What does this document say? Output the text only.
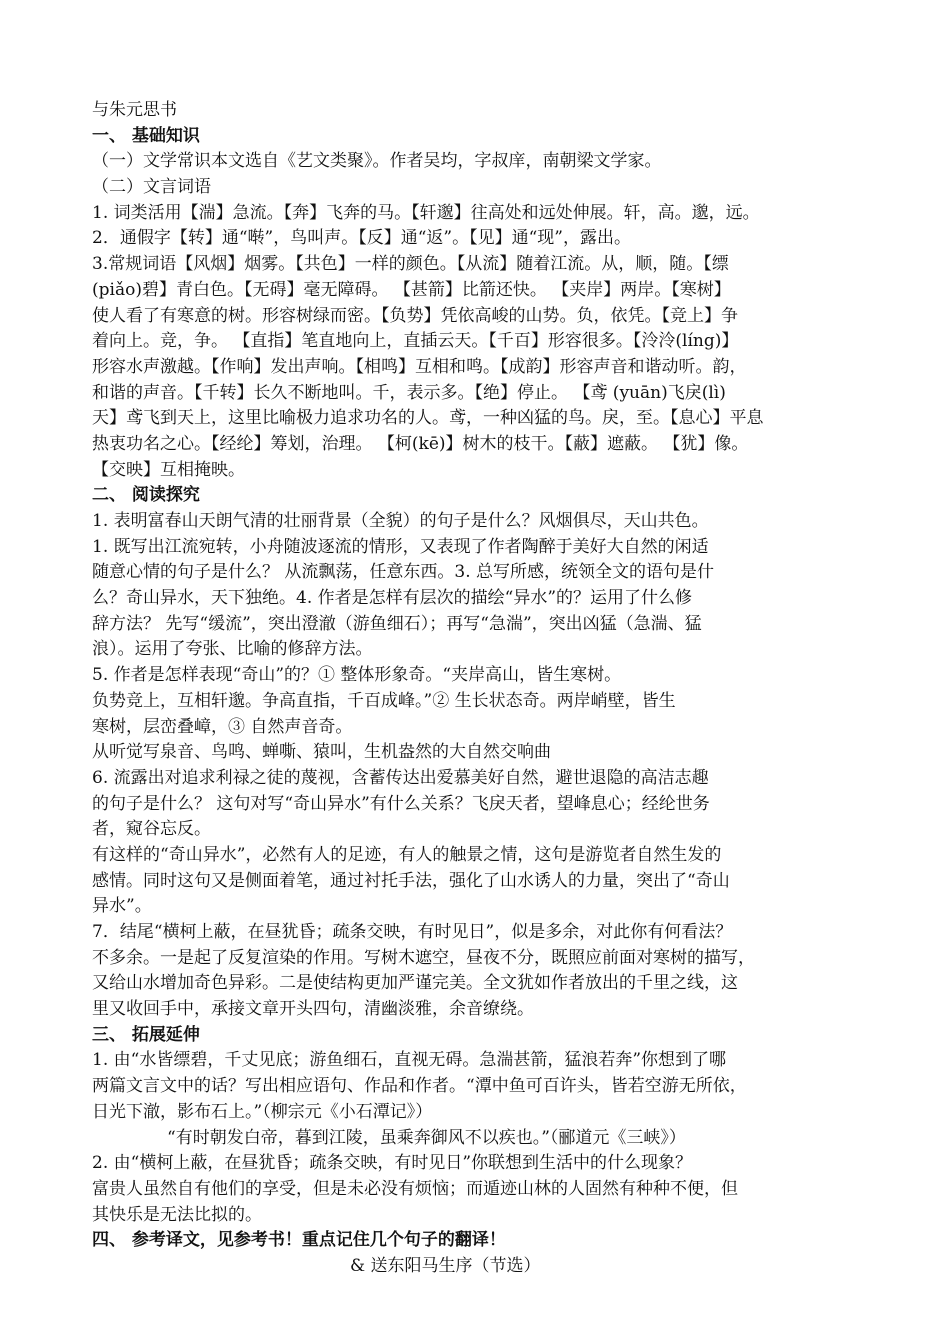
与朱元思书
一、 基础知识
（一）文学常识本文选自《艺文类聚》。作者吴均，字叔庠，南朝梁文学家。
（二）文言词语
1. 词类活用【湍】急流。【奔】飞奔的马。【轩邈】往高处和远处伸展。轩，高。邈，远。
2．通假字【转】通“啭”，鸟叫声。【反】通“返”。【见】通“现”，露出。
3.常规词语【风烟】烟雾。【共色】一样的颜色。【从流】随着江流。从，顺，随。【缥
(piǎo)碧】青白色。【无碍】毫无障碍。 【甚箭】比箭还快。 【夹岸】两岸。【寒树】
使人看了有寒意的树。形容树绿而密。【负势】凭依高峻的山势。负，依凭。【竞上】争
着向上。竞，争。 【直指】笔直地向上，直插云天。【千百】形容很多。【泠泠(líng)】
形容水声激越。【作响】发出声响。【相鸣】互相和鸣。【成韵】形容声音和谐动听。韵，
和谐的声音。【千转】长久不断地叫。千，表示多。【绝】停止。 【鸢 (yuān)飞戾(lì)
天】鸢飞到天上，这里比喻极力追求功名的人。鸢，一种凶猛的鸟。戾，至。【息心】平息
热衷功名之心。【经纶】筹划，治理。 【柯(kē)】树木的枝干。【蔽】遮蔽。 【犹】像。
【交映】互相掩映。
二、 阅读探究
1. 表明富春山天朗气清的壮丽背景（全貌）的句子是什么？风烟俱尽，天山共色。
1. 既写出江流宛转，小舟随波逐流的情形，又表现了作者陶醉于美好大自然的闲适
随意心情的句子是什么？ 从流飘荡，任意东西。3. 总写所感，统领全文的语句是什
么？奇山异水，天下独绝。4. 作者是怎样有层次的描绘“异水”的？运用了什么修
辞方法？ 先写“缓流”，突出澄澈（游鱼细石）；再写“急湍”，突出凶猛（急湍、猛
浪）。运用了夸张、比喻的修辞方法。
5. 作者是怎样表现“奇山”的？① 整体形象奇。“夹岸高山，皆生寒树。
负势竞上，互相轩邈。争高直指，千百成峰。”② 生长状态奇。两岸峭壁，皆生
寒树，层峦叠嶂，③ 自然声音奇。
从听觉写泉音、鸟鸣、蝉嘶、猿叫，生机盎然的大自然交响曲
6. 流露出对追求利禄之徒的蔑视，含蓄传达出爱慕美好自然，避世退隐的高洁志趣
的句子是什么？ 这句对写“奇山异水”有什么关系？飞戾天者，望峰息心；经纶世务
者，窥谷忘反。
有这样的“奇山异水”，必然有人的足迹，有人的触景之情，这句是游览者自然生发的
感情。同时这句又是侧面着笔，通过衬托手法，强化了山水诱人的力量，突出了“奇山
异水”。
7．结尾“横柯上蔽，在昼犹昏；疏条交映，有时见日”，似是多余，对此你有何看法？
不多余。一是起了反复渲染的作用。写树木遮空，昼夜不分，既照应前面对寒树的描写，
又给山水增加奇色异彩。二是使结构更加严谨完美。全文犹如作者放出的千里之线，这
里又收回手中，承接文章开头四句，清幽淡雅，余音缭绕。
三、 拓展延伸
1. 由“水皆缥碧，千丈见底；游鱼细石，直视无碍。急湍甚箭，猛浪若奔”你想到了哪
两篇文言文中的话？写出相应语句、作品和作者。“潭中鱼可百许头，皆若空游无所依，
日光下澈，影布石上。”（柳宗元《小石潭记》）
“有时朝发白帝，暮到江陵，虽乘奔御风不以疾也。”（郦道元《三峡》）
2. 由“横柯上蔽，在昼犹昏；疏条交映，有时见日”你联想到生活中的什么现象？
富贵人虽然自有他们的享受，但是未必没有烦恼；而遁迹山林的人固然有种种不便，但
其快乐是无法比拟的。
四、 参考译文，见参考书！重点记住几个句子的翻译！
& 送东阳马生序（节选）
